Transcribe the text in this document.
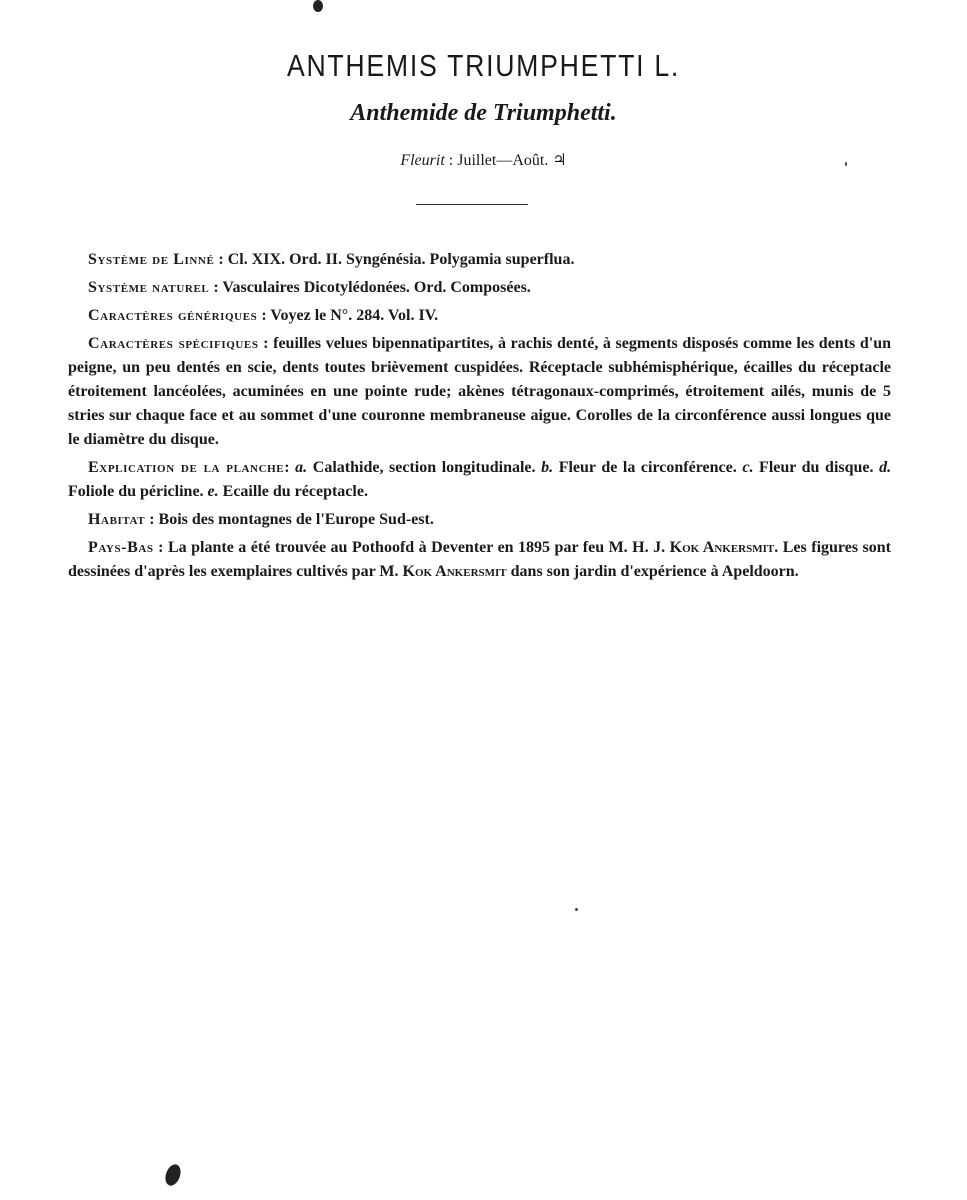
ANTHEMIS TRIUMPHETTI L.
Anthemide de Triumphetti.
Fleurit : Juillet—Août. ♃

Système de Linné : Cl. XIX. Ord. II. Syngénésia. Polygamia superflua.

Système naturel : Vasculaires Dicotylédonées. Ord. Composées.

Caractères génériques : Voyez le N°. 284. Vol. IV.

Caractères spécifiques : feuilles velues bipennatipartites, à rachis denté, à segments disposés comme les dents d'un peigne, un peu dentés en scie, dents toutes brièvement cuspidées. Réceptacle subhémisphérique, écailles du réceptacle étroitement lancéolées, acuminées en une pointe rude; akènes tétragonaux-comprimés, étroitement ailés, munis de 5 stries sur chaque face et au sommet d'une couronne membraneuse aigue. Corolles de la circonférence aussi longues que le diamètre du disque.

Explication de la planche: a. Calathide, section longitudinale. b. Fleur de la circonférence. c. Fleur du disque. d. Foliole du péricline. e. Ecaille du réceptacle.

Habitat : Bois des montagnes de l'Europe Sud-est.

Pays-Bas : La plante a été trouvée au Pothoofd à Deventer en 1895 par feu M. H. J. Kok Ankersmit. Les figures sont dessinées d'après les exemplaires cultivés par M. Kok Ankersmit dans son jardin d'expérience à Apeldoorn.
